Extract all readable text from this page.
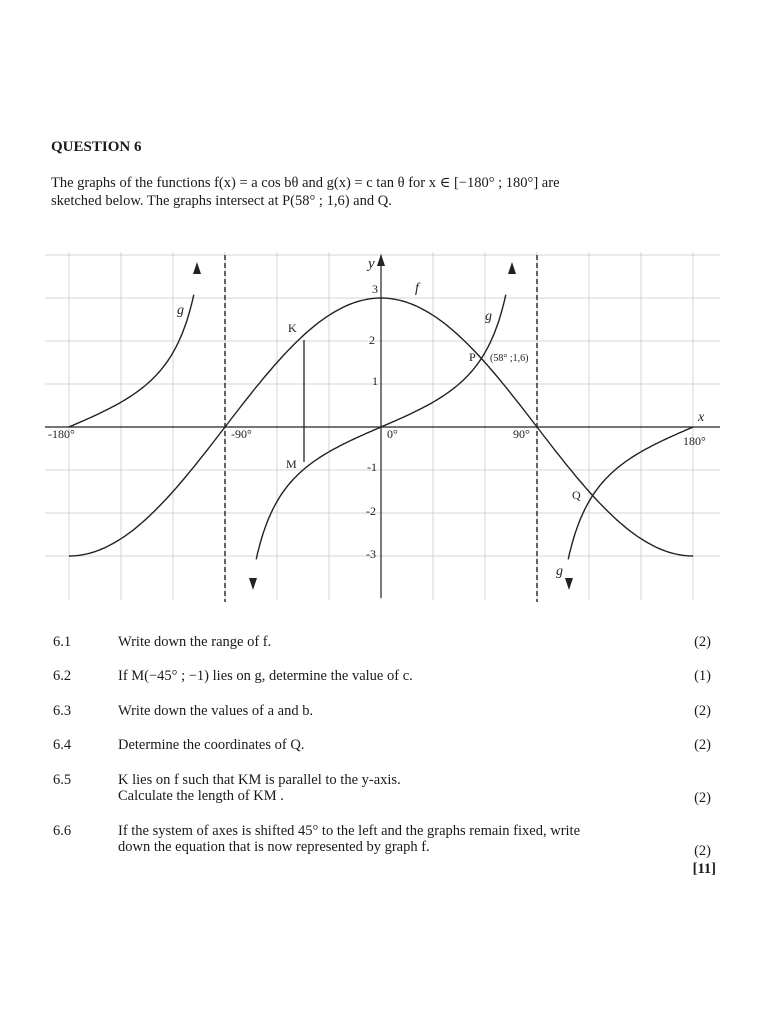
QUESTION 6
The graphs of the functions f(x) = a cos bθ and g(x) = c tan θ for x ∈ [−180° ; 180°] are
sketched below. The graphs intersect at P(58° ; 1,6) and Q.
y
x
-180°	-90°	0°	90°	180°
3
2
1
-1
-2
-3
f
g	g
g
K
M
P (58° ;1,6)
Q
6.1	Write down the range of f.	(2)
6.2	If M(−45° ; −1) lies on g, determine the value of c.	(1)
6.3	Write down the values of a and b.	(2)
6.4	Determine the coordinates of Q.	(2)
6.5	K lies on f such that KM is parallel to the y-axis.
Calculate the length of KM .	(2)
6.6	If the system of axes is shifted 45° to the left and the graphs remain fixed, write
down the equation that is now represented by graph f.	(2)
[11]
